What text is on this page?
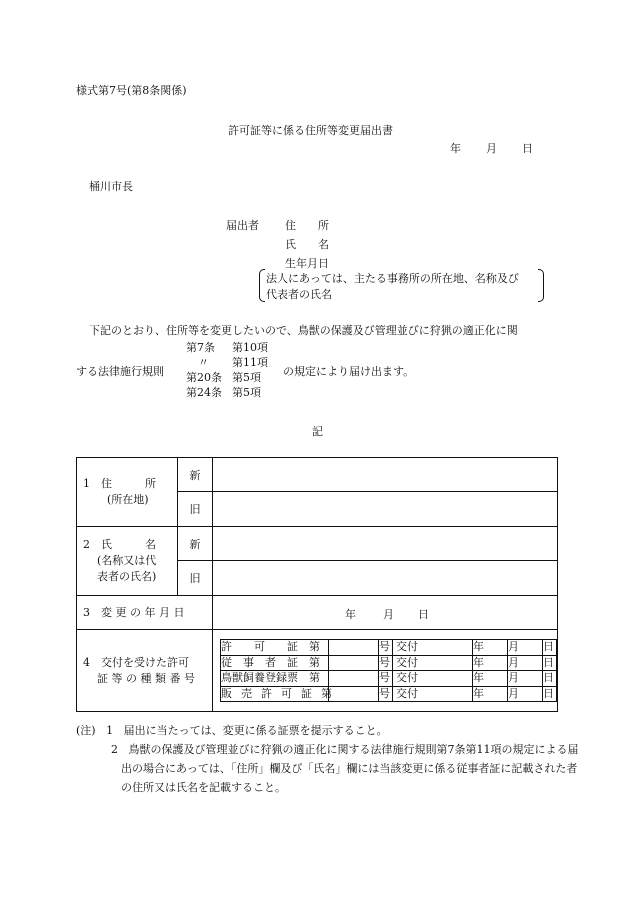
様式第7号(第8条関係)
許可証等に係る住所等変更届出書
年 月 日
桶川市長
届出者 住　　所
氏　　名
生年月日
法人にあっては、主たる事務所の所在地、名称及び
代表者の氏名
下記のとおり、住所等を変更したいので、鳥獣の保護及び管理並びに狩猟の適正化に関
する法律施行規則
第7条 第10項
〃 第11項
第20条 第5項
第24条 第5項
の規定により届け出ます。
記
1　住　　　所
(所在地)
	新	
旧	
2　氏　　　名
(名称又は代
表者の氏名)
	新	
旧	
3　変 更 の 年 月 日	年 月 日

4　交付を受けた許可
証 等 の 種 類 番 号

許　　可　　証　第		号	交付	年	月	日
従　事　者　証　第		号	交付	年	月	日
鳥獣飼養登録票　第		号	交付	年	月	日
販　売　許　可　証　第		号	交付	年	月	日
(注) 1 届出に当たっては、変更に係る証票を提示すること。
2 鳥獣の保護及び管理並びに狩猟の適正化に関する法律施行規則第7条第11項の規定による届出の場合にあっては、「住所」欄及び「氏名」欄には当該変更に係る従事者証に記載された者の住所又は氏名を記載すること。
